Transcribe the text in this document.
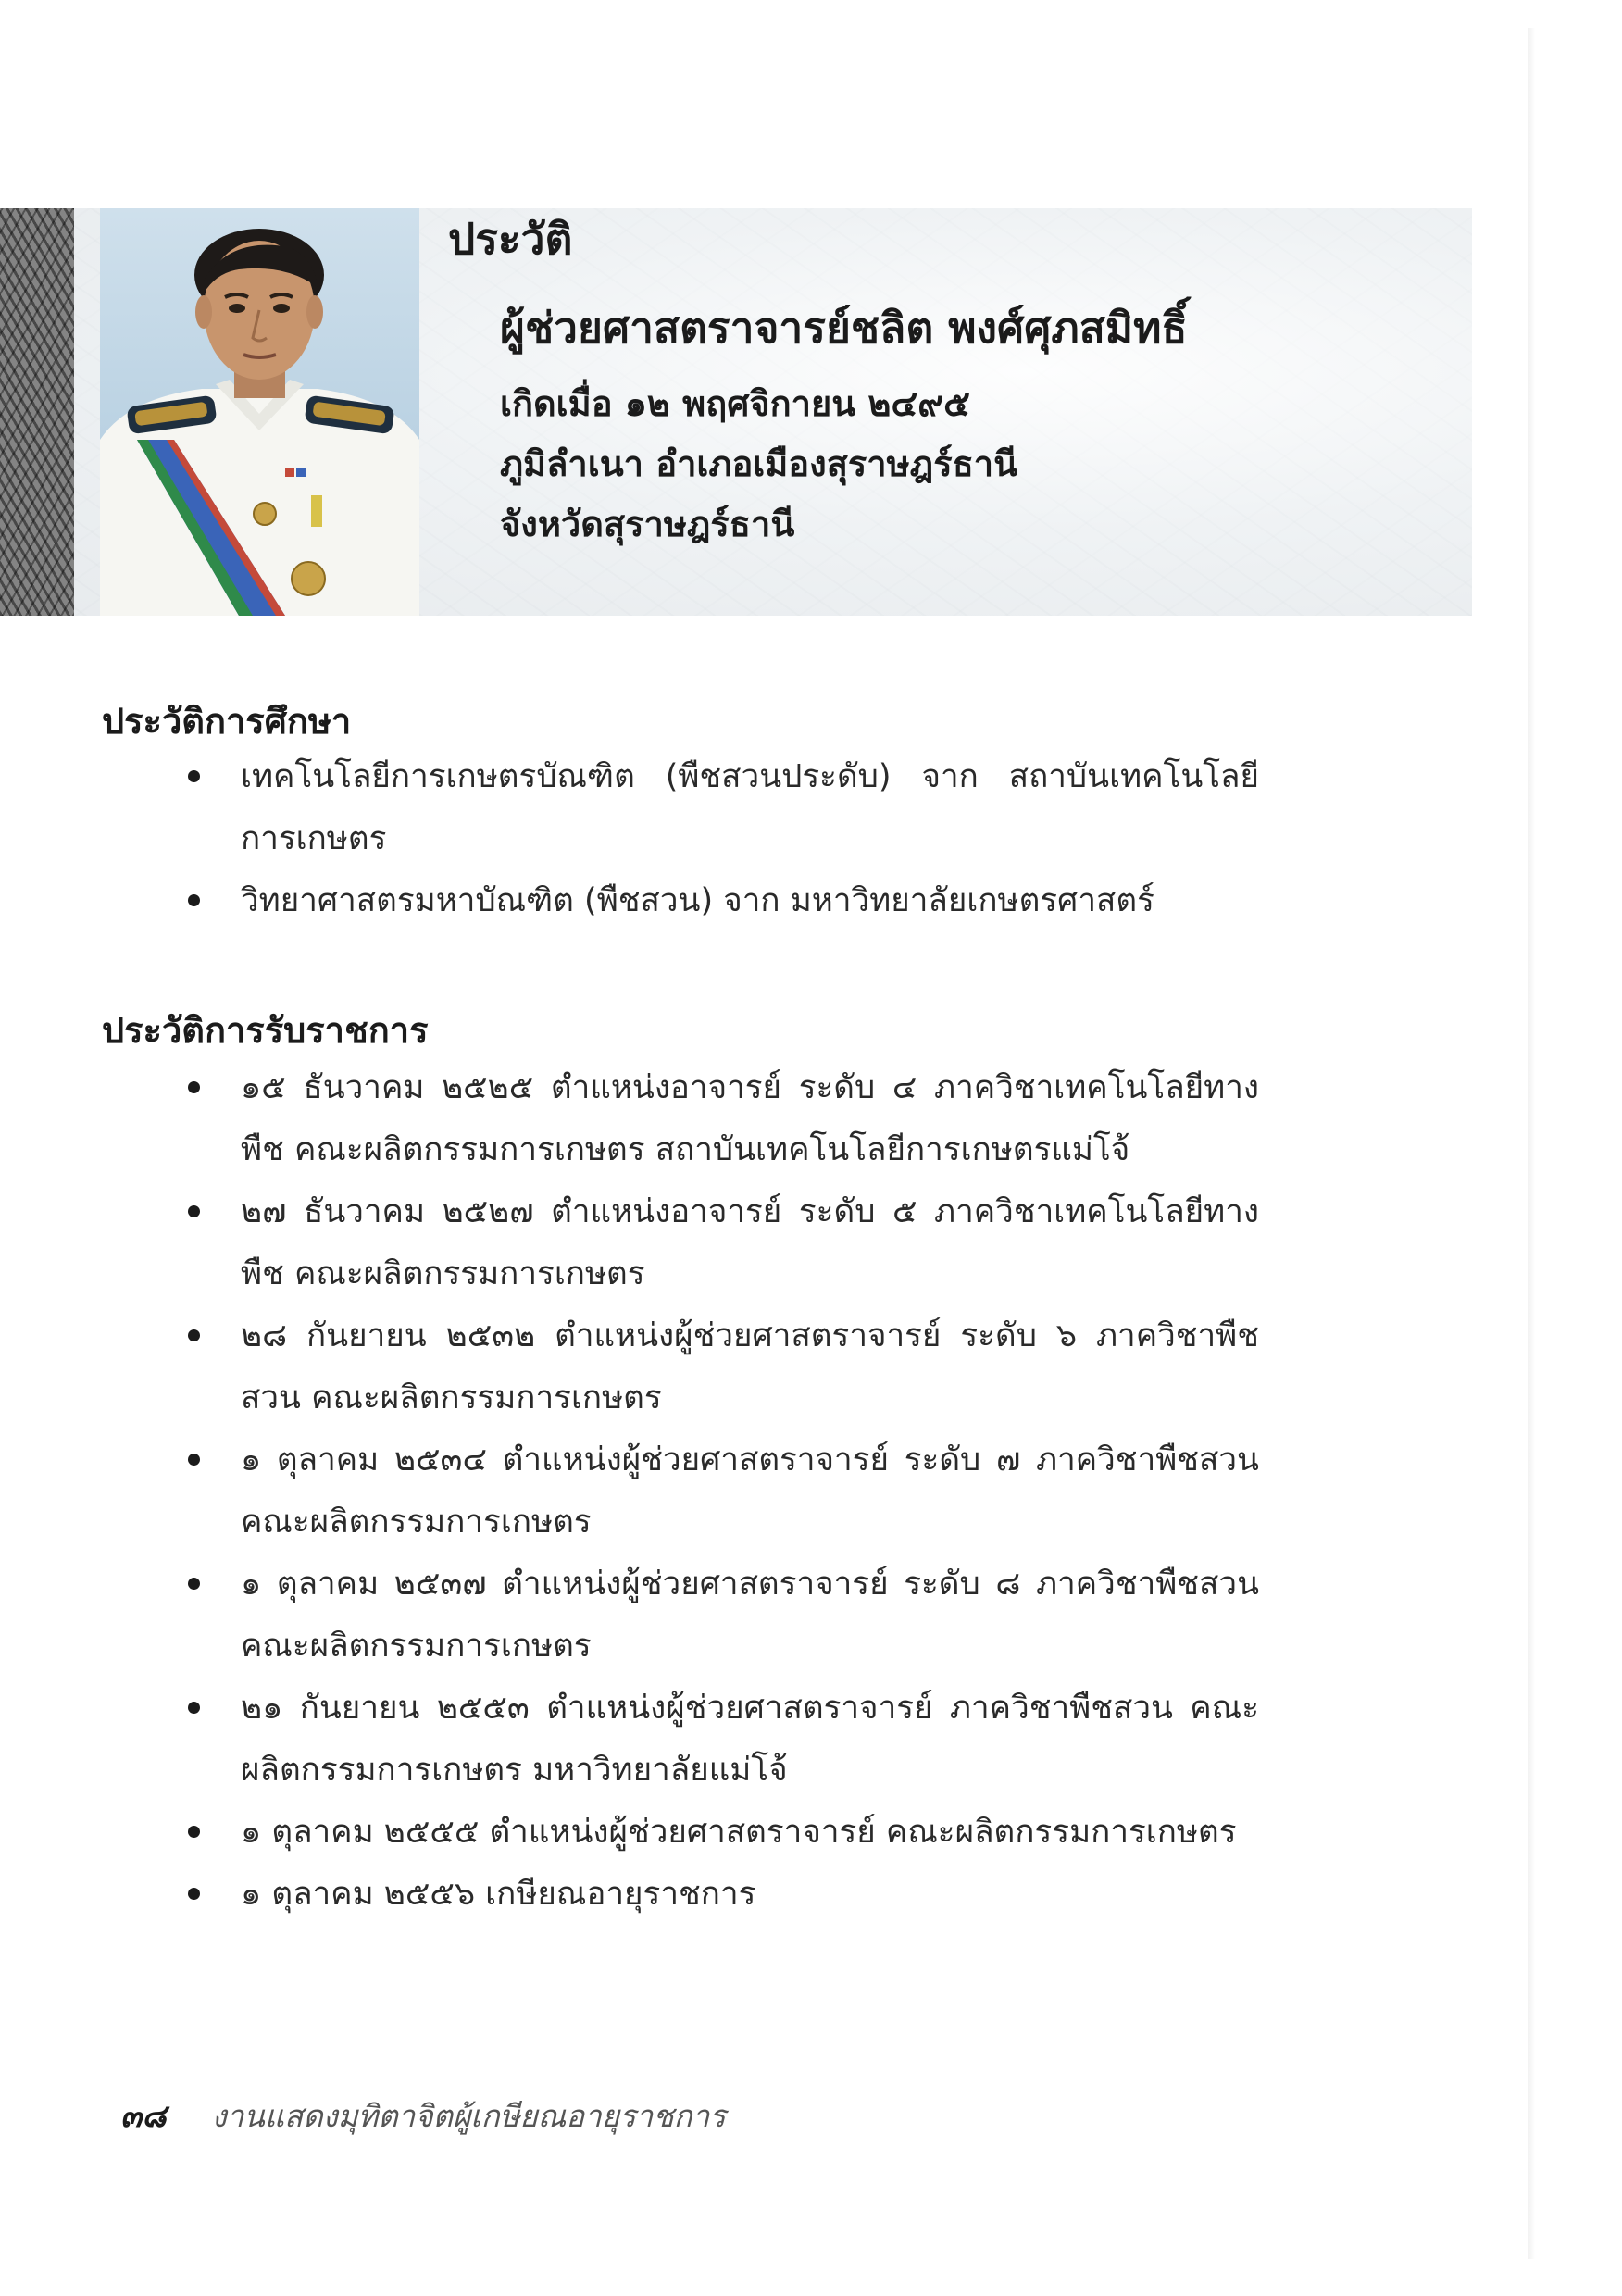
ประวัติ
ผู้ช่วยศาสตราจารย์ชลิต พงศ์ศุภสมิทธิ์

เกิดเมื่อ ๑๒ พฤศจิกายน ๒๔๙๕

ภูมิลำเนา อำเภอเมืองสุราษฎร์ธานี

จังหวัดสุราษฎร์ธานี

ประวัติการศึกษา
เทคโนโลยีการเกษตรบัณฑิต (พืชสวนประดับ) จาก สถาบันเทคโนโลยีการเกษตร
วิทยาศาสตรมหาบัณฑิต (พืชสวน) จาก มหาวิทยาลัยเกษตรศาสตร์
ประวัติการรับราชการ
๑๕ ธันวาคม ๒๕๒๕ ตำแหน่งอาจารย์ ระดับ ๔ ภาควิชาเทคโนโลยีทางพืช คณะผลิตกรรมการเกษตร สถาบันเทคโนโลยีการเกษตรแม่โจ้
๒๗ ธันวาคม ๒๕๒๗ ตำแหน่งอาจารย์ ระดับ ๕ ภาควิชาเทคโนโลยีทางพืช คณะผลิตกรรมการเกษตร
๒๘ กันยายน ๒๕๓๒ ตำแหน่งผู้ช่วยศาสตราจารย์ ระดับ ๖ ภาควิชาพืชสวน คณะผลิตกรรมการเกษตร
๑ ตุลาคม ๒๕๓๔ ตำแหน่งผู้ช่วยศาสตราจารย์ ระดับ ๗ ภาควิชาพืชสวน คณะผลิตกรรมการเกษตร
๑ ตุลาคม ๒๕๓๗ ตำแหน่งผู้ช่วยศาสตราจารย์ ระดับ ๘ ภาควิชาพืชสวน คณะผลิตกรรมการเกษตร
๒๑ กันยายน ๒๕๕๓ ตำแหน่งผู้ช่วยศาสตราจารย์ ภาควิชาพืชสวน คณะผลิตกรรมการเกษตร มหาวิทยาลัยแม่โจ้
๑ ตุลาคม ๒๕๕๕ ตำแหน่งผู้ช่วยศาสตราจารย์ คณะผลิตกรรมการเกษตร
๑ ตุลาคม ๒๕๕๖ เกษียณอายุราชการ
๓๘ งานแสดงมุทิตาจิตผู้เกษียณอายุราชการ
